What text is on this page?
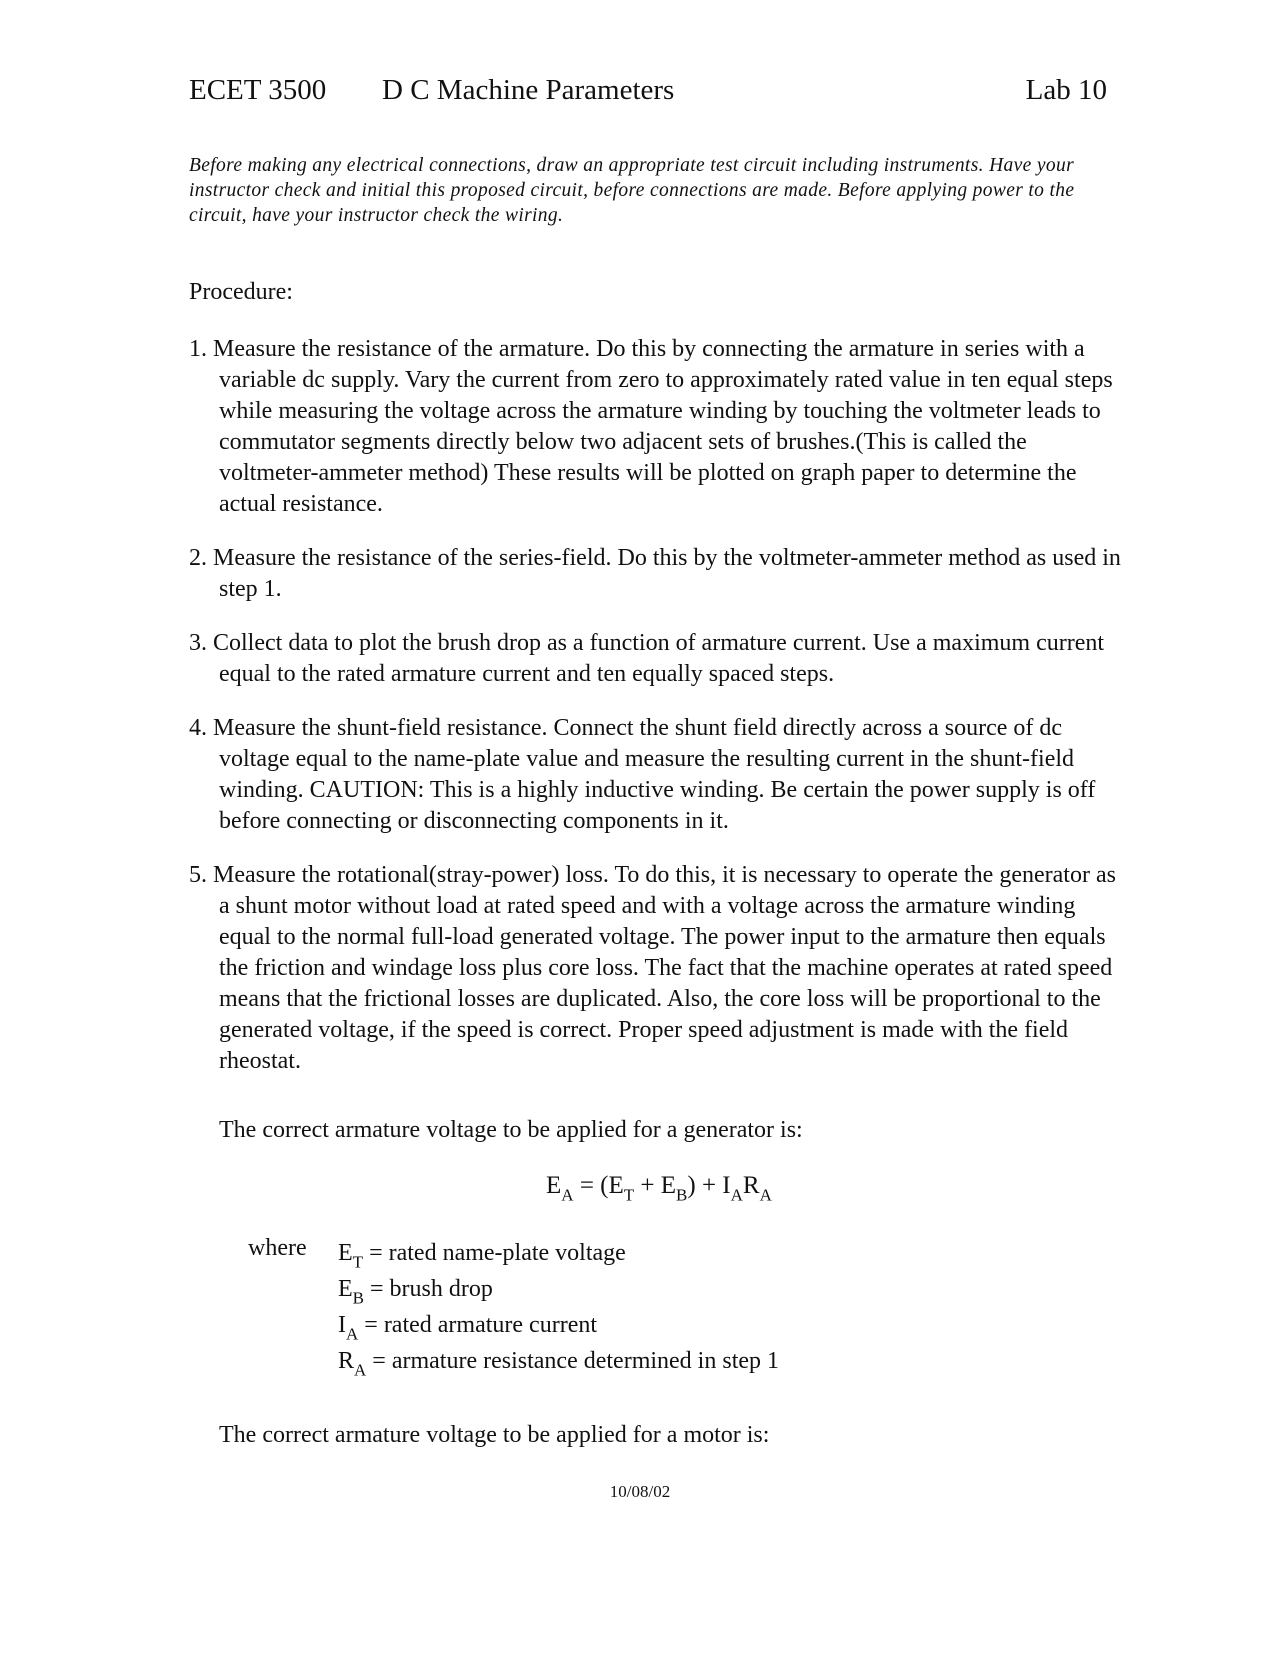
ECET 3500 D C Machine Parameters	Lab 10
Before making any electrical connections, draw an appropriate test circuit including instruments. Have your instructor check and initial this proposed circuit, before connections are made. Before applying power to the circuit, have your instructor check the wiring.
Procedure:

1. Measure the resistance of the armature. Do this by connecting the armature in series with a variable dc supply. Vary the current from zero to approximately rated value in ten equal steps while measuring the voltage across the armature winding by touching the voltmeter leads to commutator segments directly below two adjacent sets of brushes.(This is called the voltmeter-ammeter method) These results will be plotted on graph paper to determine the actual resistance.

2. Measure the resistance of the series-field. Do this by the voltmeter-ammeter method as used in step 1.

3. Collect data to plot the brush drop as a function of armature current. Use a maximum current equal to the rated armature current and ten equally spaced steps.

4. Measure the shunt-field resistance. Connect the shunt field directly across a source of dc voltage equal to the name-plate value and measure the resulting current in the shunt-field winding. CAUTION: This is a highly inductive winding. Be certain the power supply is off before connecting or disconnecting components in it.

5. Measure the rotational(stray-power) loss. To do this, it is necessary to operate the generator as a shunt motor without load at rated speed and with a voltage across the armature winding equal to the normal full-load generated voltage. The power input to the armature then equals the friction and windage loss plus core loss. The fact that the machine operates at rated speed means that the frictional losses are duplicated. Also, the core loss will be proportional to the generated voltage, if the speed is correct. Proper speed adjustment is made with the field rheostat.

The correct armature voltage to be applied for a generator is:
$E_A = (E_T + E_B) + I_AR_A$
where $E_T$ = rated name-plate voltage
$E_B$ = brush drop
$I_A$ = rated armature current
$R_A$ = armature resistance determined in step 1
The correct armature voltage to be applied for a motor is:
10/08/02
